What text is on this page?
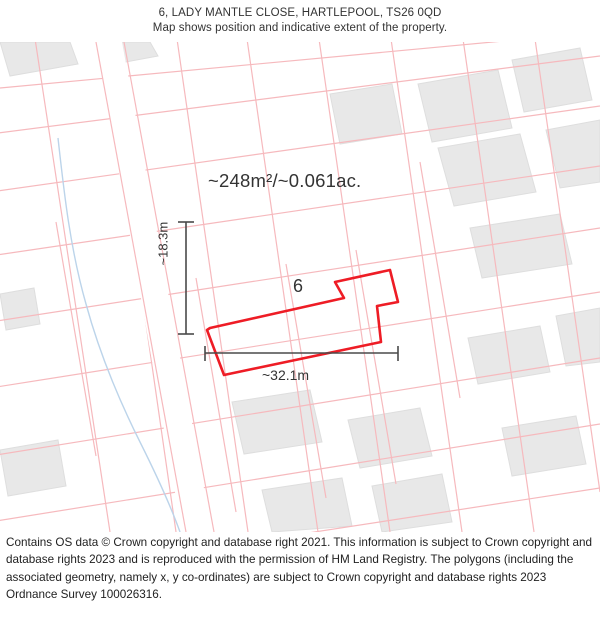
6, LADY MANTLE CLOSE, HARTLEPOOL, TS26 0QD
Map shows position and indicative extent of the property.
~248m²/~0.061ac.
6
~18.3m
~32.1m
Contains OS data © Crown copyright and database right 2021. This information is subject to Crown copyright and database rights 2023 and is reproduced with the permission of HM Land Registry. The polygons (including the associated geometry, namely x, y co-ordinates) are subject to Crown copyright and database rights 2023 Ordnance Survey 100026316.
